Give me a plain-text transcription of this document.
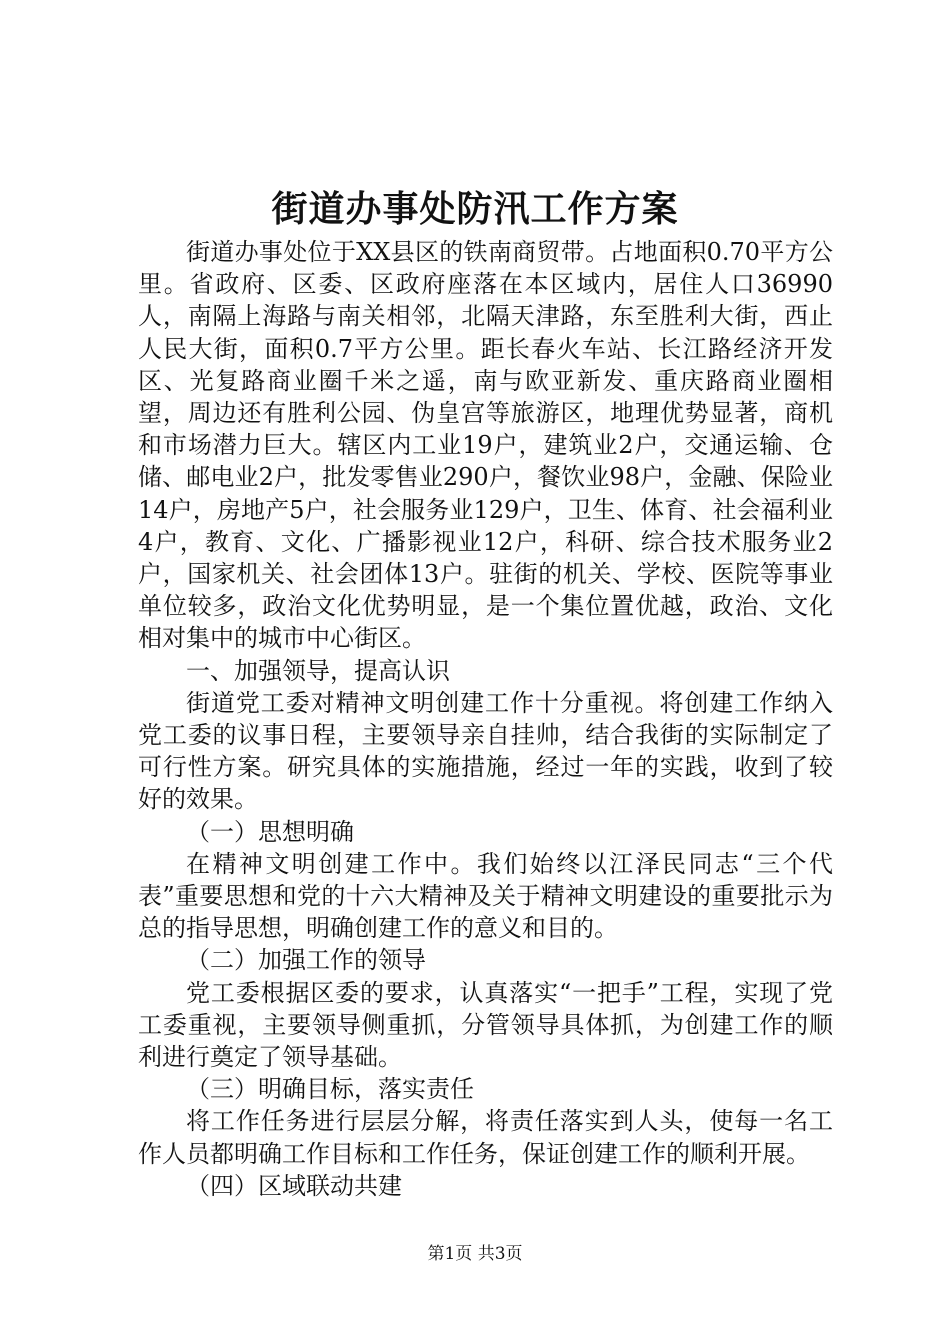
街道办事处防汛工作方案

街道办事处位于XX县区的铁南商贸带。占地面积0.70平方公里。省政府、区委、区政府座落在本区域内，居住人口36990人，南隔上海路与南关相邻，北隔天津路，东至胜利大街，西止人民大街，面积0.7平方公里。距长春火车站、长江路经济开发区、光复路商业圈千米之遥，南与欧亚新发、重庆路商业圈相望，周边还有胜利公园、伪皇宫等旅游区，地理优势显著，商机和市场潜力巨大。辖区内工业19户，建筑业2户，交通运输、仓储、邮电业2户，批发零售业290户，餐饮业98户，金融、保险业14户，房地产5户，社会服务业129户，卫生、体育、社会福利业4户，教育、文化、广播影视业12户，科研、综合技术服务业2户，国家机关、社会团体13户。驻街的机关、学校、医院等事业单位较多，政治文化优势明显，是一个集位置优越，政治、文化相对集中的城市中心街区。

一、加强领导，提高认识

街道党工委对精神文明创建工作十分重视。将创建工作纳入党工委的议事日程，主要领导亲自挂帅，结合我街的实际制定了可行性方案。研究具体的实施措施，经过一年的实践，收到了较好的效果。

（一）思想明确

在精神文明创建工作中。我们始终以江泽民同志“三个代表”重要思想和党的十六大精神及关于精神文明建设的重要批示为总的指导思想，明确创建工作的意义和目的。

（二）加强工作的领导

党工委根据区委的要求，认真落实“一把手”工程，实现了党工委重视，主要领导侧重抓，分管领导具体抓，为创建工作的顺利进行奠定了领导基础。

（三）明确目标，落实责任

将工作任务进行层层分解，将责任落实到人头，使每一名工作人员都明确工作目标和工作任务，保证创建工作的顺利开展。

（四）区域联动共建

第1页 共3页
